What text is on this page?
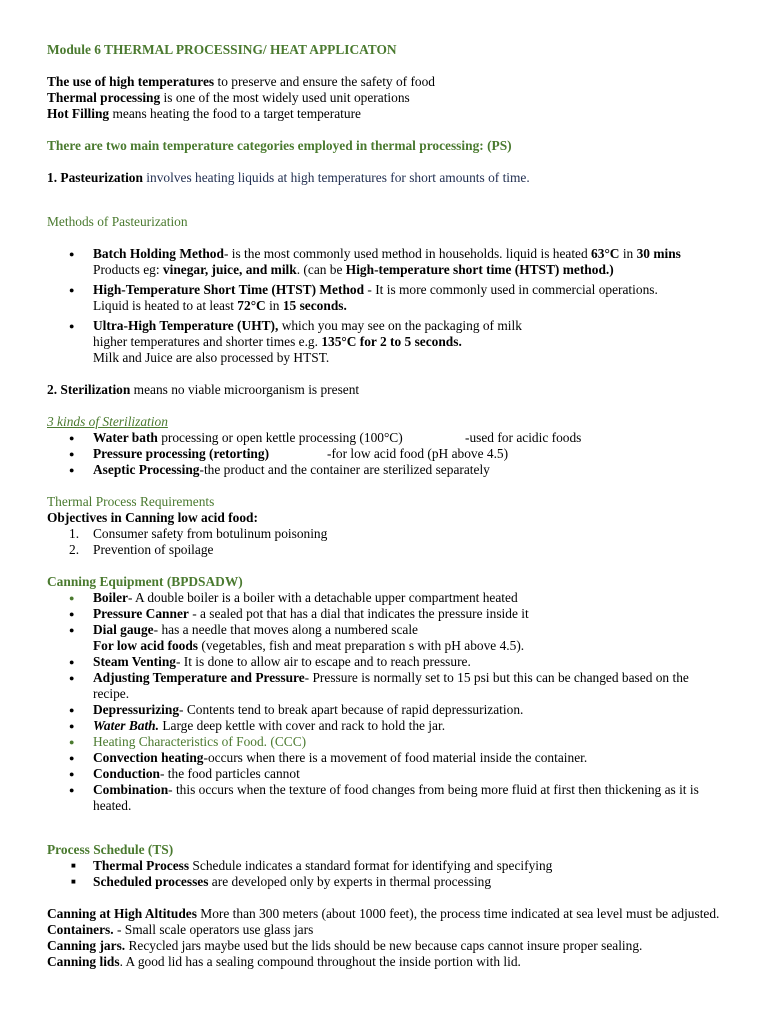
Module 6 THERMAL PROCESSING/ HEAT APPLICATON
The use of high temperatures to preserve and ensure the safety of food
Thermal processing is one of the most widely used unit operations
Hot Filling means heating the food to a target temperature
There are two main temperature categories employed in thermal processing: (PS)
1. Pasteurization involves heating liquids at high temperatures for short amounts of time.
Methods of Pasteurization
● Batch Holding Method- is the most commonly used method in households. liquid is heated 63°C in 30 mins
Products eg: vinegar, juice, and milk. (can be High-temperature short time (HTST) method.)
● High-Temperature Short Time (HTST) Method - It is more commonly used in commercial operations.
Liquid is heated to at least 72°C in 15 seconds.
● Ultra-High Temperature (UHT), which you may see on the packaging of milk
higher temperatures and shorter times e.g. 135°C for 2 to 5 seconds.
Milk and Juice are also processed by HTST.
2. Sterilization means no viable microorganism is present
3 kinds of Sterilization
● Water bath processing or open kettle processing (100°C)	-used for acidic foods
● Pressure processing (retorting)	-for low acid food (pH above 4.5)
● Aseptic Processing-the product and the container are sterilized separately
Thermal Process Requirements
Objectives in Canning low acid food:
1. Consumer safety from botulinum poisoning
2. Prevention of spoilage
Canning Equipment (BPDSADW)
● Boiler- A double boiler is a boiler with a detachable upper compartment heated
● Pressure Canner - a sealed pot that has a dial that indicates the pressure inside it
● Dial gauge- has a needle that moves along a numbered scale
For low acid foods (vegetables, fish and meat preparation s with pH above 4.5).
● Steam Venting- It is done to allow air to escape and to reach pressure.
● Adjusting Temperature and Pressure- Pressure is normally set to 15 psi but this can be changed based on the recipe.
● Depressurizing- Contents tend to break apart because of rapid depressurization.
● Water Bath. Large deep kettle with cover and rack to hold the jar.
● Heating Characteristics of Food. (CCC)
● Convection heating-occurs when there is a movement of food material inside the container.
● Conduction- the food particles cannot
● Combination- this occurs when the texture of food changes from being more fluid at first then thickening as it is heated.
Process Schedule (TS)
■ Thermal Process Schedule indicates a standard format for identifying and specifying
■ Scheduled processes are developed only by experts in thermal processing
Canning at High Altitudes More than 300 meters (about 1000 feet), the process time indicated at sea level must be adjusted.
Containers. - Small scale operators use glass jars
Canning jars. Recycled jars maybe used but the lids should be new because caps cannot insure proper sealing.
Canning lids. A good lid has a sealing compound throughout the inside portion with lid.
